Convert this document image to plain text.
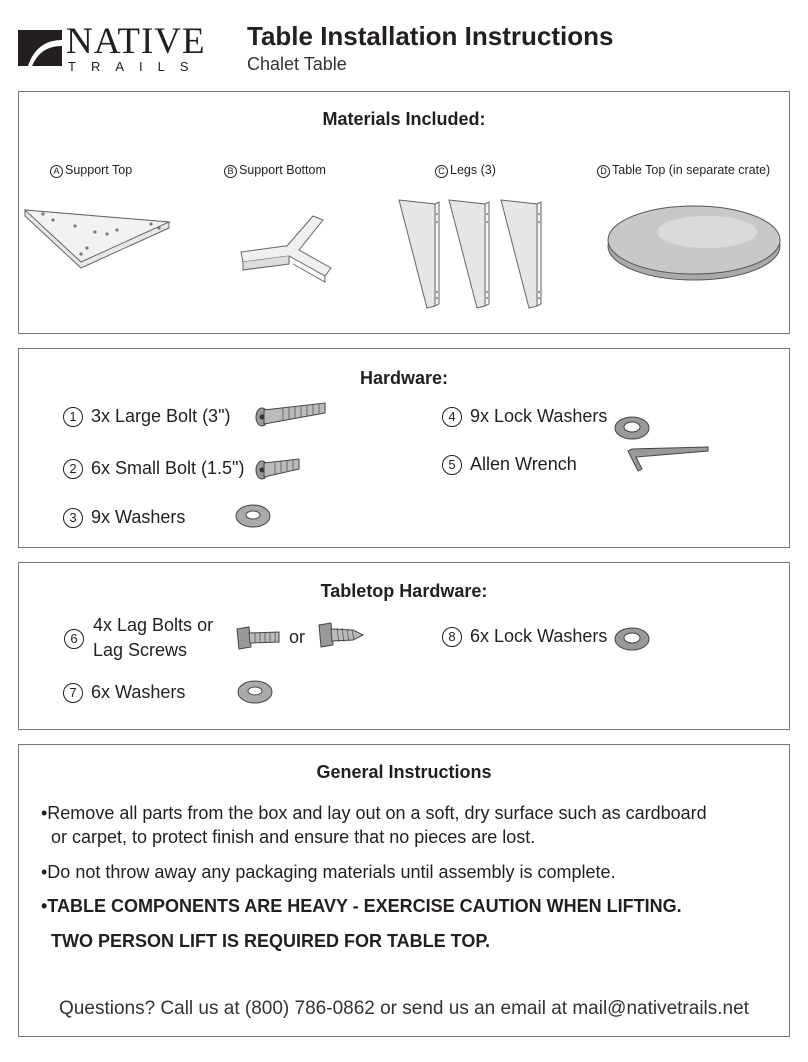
NATIVE
TRAILS
Table Installation Instructions
Chalet Table
Materials Included:
A Support Top	B Support Bottom	C Legs (3)	D Table Top (in separate crate)
Hardware:
1 3x Large Bolt (3")
2 6x Small Bolt (1.5")
3 9x Washers
4 9x Lock Washers
5 Allen Wrench
Tabletop Hardware:
6
4x Lag Bolts or
Lag Screws
or
7 6x Washers
8 6x Lock Washers
General Instructions
•Remove all parts from the box and lay out on a soft, dry surface such as cardboard
or carpet, to protect finish and ensure that no pieces are lost.
•Do not throw away any packaging materials until assembly is complete.
•TABLE COMPONENTS ARE HEAVY - EXERCISE CAUTION WHEN LIFTING.
TWO PERSON LIFT IS REQUIRED FOR TABLE TOP.
Questions? Call us at (800) 786-0862 or send us an email at mail@nativetrails.net
